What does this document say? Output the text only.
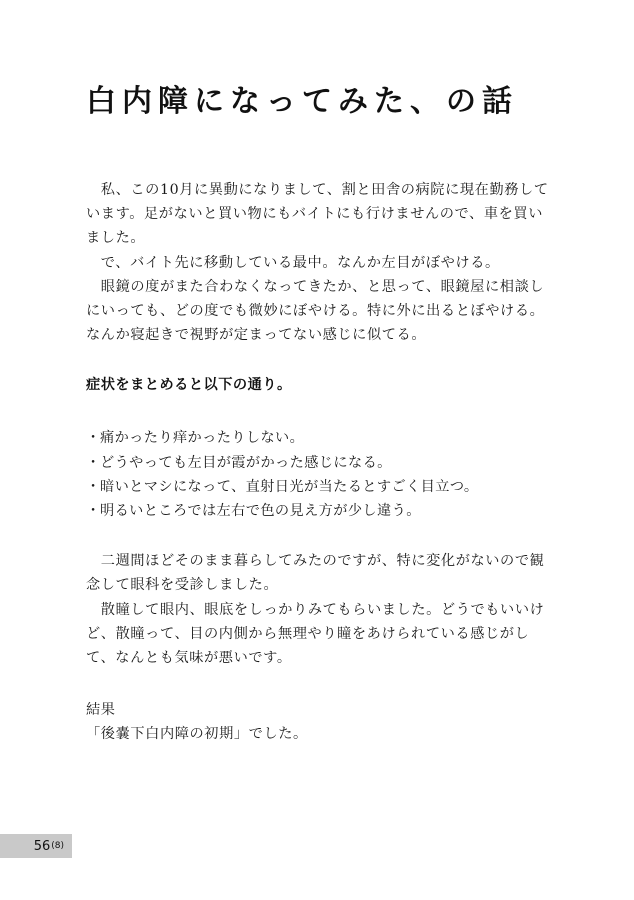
白内障になってみた、の話

私、この10月に異動になりまして、割と田舎の病院に現在勤務しています。足がないと買い物にもバイトにも行けませんので、車を買いました。

で、バイト先に移動している最中。なんか左目がぼやける。

眼鏡の度がまた合わなくなってきたか、と思って、眼鏡屋に相談しにいっても、どの度でも微妙にぼやける。特に外に出るとぼやける。なんか寝起きで視野が定まってない感じに似てる。

症状をまとめると以下の通り。

・痛かったり痒かったりしない。
・どうやっても左目が霞がかった感じになる。
・暗いとマシになって、直射日光が当たるとすごく目立つ。
・明るいところでは左右で色の見え方が少し違う。

二週間ほどそのまま暮らしてみたのですが、特に変化がないので観念して眼科を受診しました。

散瞳して眼内、眼底をしっかりみてもらいました。どうでもいいけど、散瞳って、目の内側から無理やり瞳をあけられている感じがして、なんとも気味が悪いです。

結果

「後嚢下白内障の初期」でした。

56 (8)
